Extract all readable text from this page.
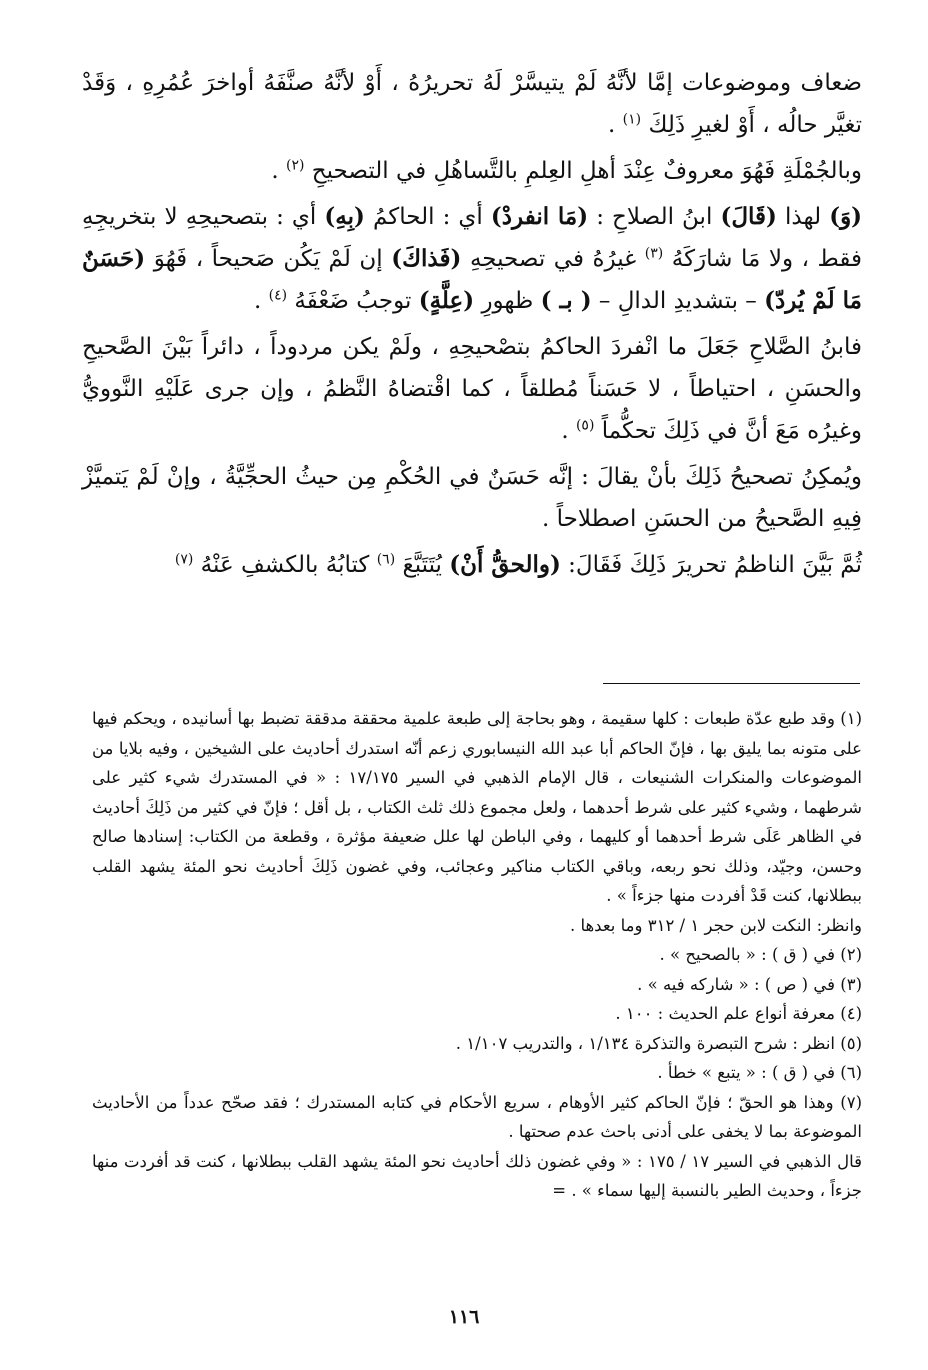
ضعاف وموضوعات إمَّا لأنَّهُ لَمْ يتيسَّرْ لَهُ تحريرُهُ ، أَوْ لأنَّهُ صنَّفَهُ أواخرَ عُمُرِهِ ، وَقَدْ تغيَّر حالُه ، أَوْ لغيرِ ذَلِكَ $^{(١)}$ .

وبالجُمْلَةِ فَهُوَ معروفٌ عِنْدَ أهلِ العِلمِ بالتَّساهُلِ في التصحيحِ $^{(٢)}$ .

(وَ) لهذا (قَالَ) ابنُ الصلاحِ : (مَا انفردْ) أي : الحاكمُ (بِهِ) أي : بتصحيحِهِ لا بتخريجِهِ فقط ، ولا مَا شارَكَهُ $^{(٣)}$ غيرُهُ في تصحيحِهِ (فَذاكَ) إن لَمْ يَكُن صَحيحاً ، فَهُوَ (حَسَنٌ مَا لَمْ يُردّ) – بتشديدِ الدالِ – ( بـ ) ظهورِ (عِلَّةٍ) توجبُ ضَعْفَهُ $^{(٤)}$ .

فابنُ الصَّلاحِ جَعَلَ ما انْفردَ الحاكمُ بتصْحيحِهِ ، ولَمْ يكن مردوداً ، دائراً بَيْنَ الصَّحيحِ والحسَنِ ، احتياطاً ، لا حَسَناً مُطلقاً ، كما اقْتضاهُ النَّظمُ ، وإن جرى عَلَيْهِ النَّوويُّ وغيرُه مَعَ أنَّ في ذَلِكَ تحكُّماً $^{(٥)}$ .

ويُمكِنُ تصحيحُ ذَلِكَ بأنْ يقالَ : إنَّه حَسَنٌ في الحُكْمِ مِن حيثُ الحجِّيَّةُ ، وإنْ لَمْ يَتميَّزْ فِيهِ الصَّحيحُ من الحسَنِ اصطلاحاً .

ثُمَّ بَيَّنَ الناظمُ تحريرَ ذَلِكَ فَقَالَ: (والحقُّ أَنْ) يُتَتَبَّعَ $^{(٦)}$ كتابُهُ بالكشفِ عَنْهُ $^{(٧)}$

(١) وقد طبع عدّة طبعات : كلها سقيمة ، وهو بحاجة إلى طبعة علمية محققة مدققة تضبط بها أسانيده ، ويحكم فيها على متونه بما يليق بها ، فإنّ الحاكم أبا عبد الله النيسابوري زعم أنّه استدرك أحاديث على الشيخين ، وفيه بلايا من الموضوعات والمنكرات الشنيعات ، قال الإمام الذهبي في السير ١٧/١٧٥ : « في المستدرك شيء كثير على شرطهما ، وشيء كثير على شرط أحدهما ، ولعل مجموع ذلك ثلث الكتاب ، بل أقل ؛ فإنّ في كثير من ذَلِكَ أحاديث في الظاهر عَلَى شرط أحدهما أو كليهما ، وفي الباطن لها علل ضعيفة مؤثرة ، وقطعة من الكتاب: إسنادها صالح وحسن، وجيّد، وذلك نحو ربعه، وباقي الكتاب مناكير وعجائب، وفي غضون ذَلِكَ أحاديث نحو المئة يشهد القلب ببطلانها، كنت قَدْ أفردت منها جزءاً » .

وانظر: النكت لابن حجر ١ / ٣١٢ وما بعدها .

(٢) في ( ق ) : « بالصحيح » .

(٣) في ( ص ) : « شاركه فيه » .

(٤) معرفة أنواع علم الحديث : ١٠٠ .

(٥) انظر : شرح التبصرة والتذكرة ١/١٣٤ ، والتدريب ١/١٠٧ .

(٦) في ( ق ) : « يتبع » خطأ .

(٧) وهذا هو الحقّ ؛ فإنّ الحاكم كثير الأوهام ، سريع الأحكام في كتابه المستدرك ؛ فقد صحّح عدداً من الأحاديث الموضوعة بما لا يخفى على أدنى باحث عدم صحتها .

قال الذهبي في السير ١٧ / ١٧٥ : « وفي غضون ذلك أحاديث نحو المئة يشهد القلب ببطلانها ، كنت قد أفردت منها جزءاً ، وحديث الطير بالنسبة إليها سماء » . =

١١٦
